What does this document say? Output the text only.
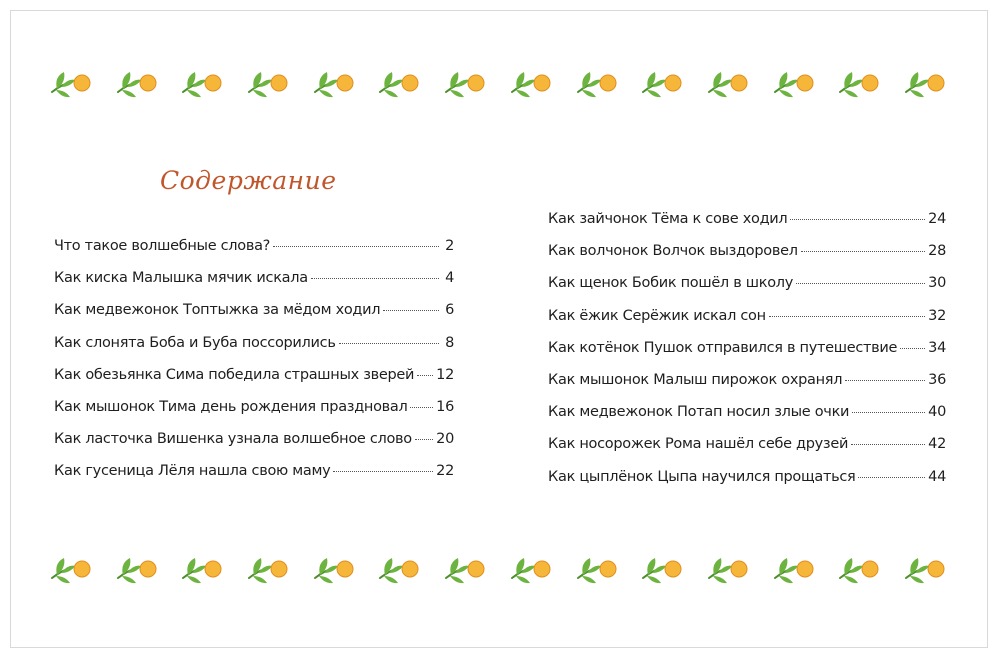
Содержание
Что такое волшебные слова?	2
Как киска Малышка мячик искала	4
Как медвежонок Топтыжка за мёдом ходил	6
Как слонята Боба и Буба поссорились	8
Как обезьянка Сима победила страшных зверей 12
Как мышонок Тима день рождения праздновал 16
Как ласточка Вишенка узнала волшебное слово 20
Как гусеница Лёля нашла свою маму	22
Как зайчонок Тёма к сове ходил	24
Как волчонок Волчок выздоровел	28
Как щенок Бобик пошёл в школу	30
Как ёжик Серёжик искал сон	32
Как котёнок Пушок отправился в путешествие 34
Как мышонок Малыш пирожок охранял	36
Как медвежонок Потап носил злые очки	40
Как носорожек Рома нашёл себе друзей	42
Как цыплёнок Цыпа научился прощаться	44
